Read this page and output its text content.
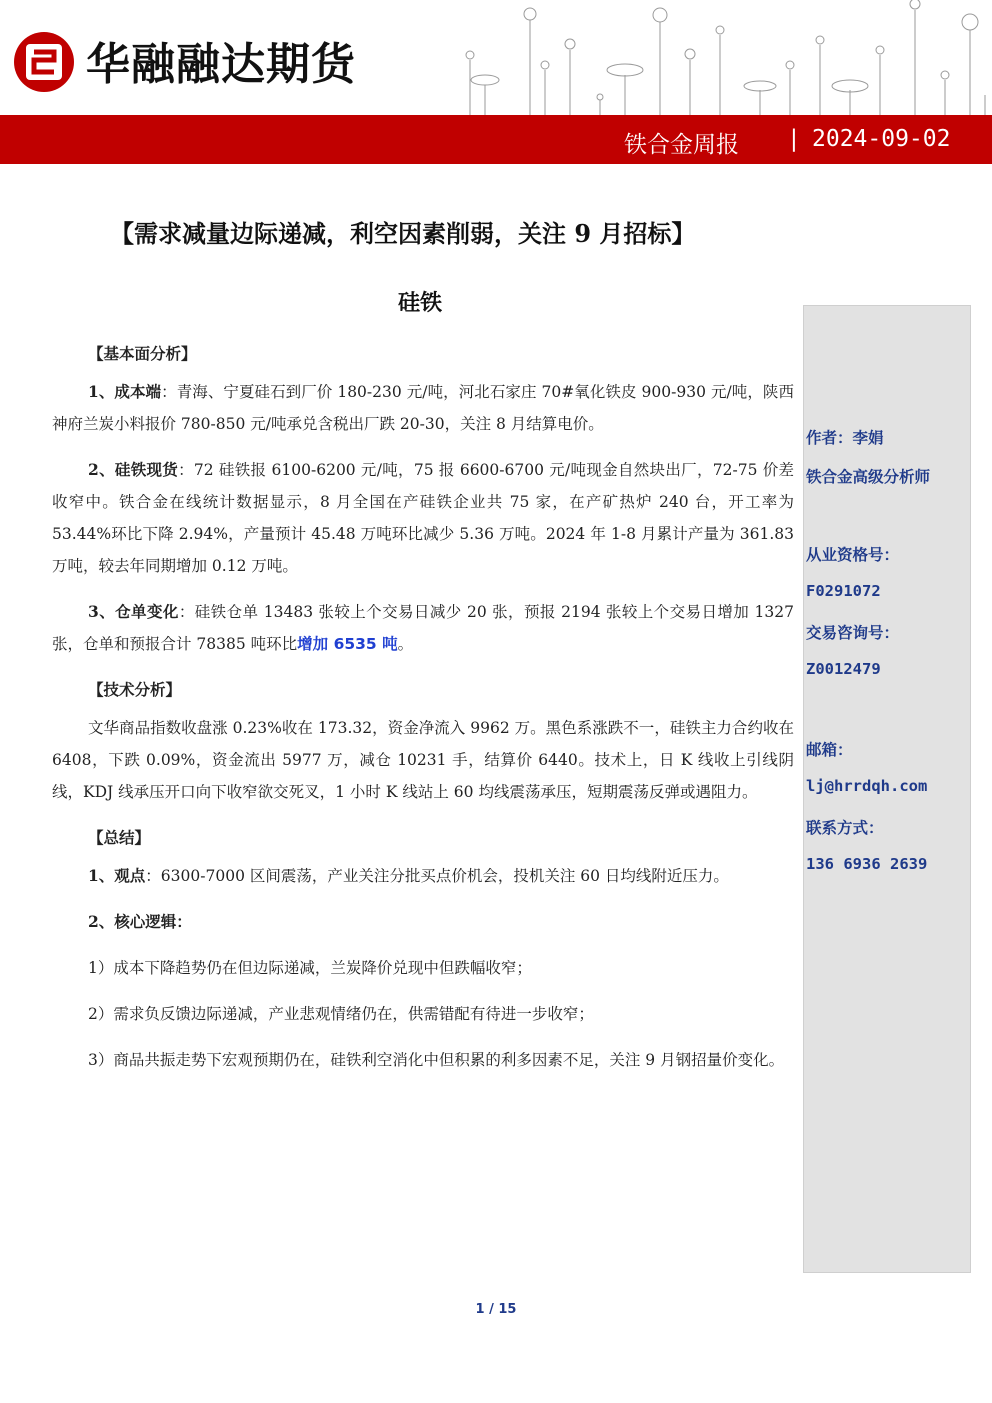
华融融达期货
铁合金周报 | 2024-09-02
【需求减量边际递减，利空因素削弱，关注 9 月招标】
硅铁
作者：李娟
铁合金高级分析师
从业资格号：
F0291072
交易咨询号：
Z0012479
邮箱：
lj@hrrdqh.com
联系方式：
136 6936 2639
【基本面分析】

1、成本端：青海、宁夏硅石到厂价 180-230 元/吨，河北石家庄 70#氧化铁皮 900-930 元/吨，陕西神府兰炭小料报价 780-850 元/吨承兑含税出厂跌 20-30，关注 8 月结算电价。

2、硅铁现货：72 硅铁报 6100-6200 元/吨，75 报 6600-6700 元/吨现金自然块出厂，72-75 价差收窄中。铁合金在线统计数据显示，8 月全国在产硅铁企业共 75 家，在产矿热炉 240 台，开工率为 53.44%环比下降 2.94%，产量预计 45.48 万吨环比减少 5.36 万吨。2024 年 1-8 月累计产量为 361.83 万吨，较去年同期增加 0.12 万吨。

3、仓单变化：硅铁仓单 13483 张较上个交易日减少 20 张，预报 2194 张较上个交易日增加 1327 张，仓单和预报合计 78385 吨环比增加 6535 吨。

【技术分析】

文华商品指数收盘涨 0.23%收在 173.32，资金净流入 9962 万。黑色系涨跌不一，硅铁主力合约收在 6408，下跌 0.09%，资金流出 5977 万，减仓 10231 手，结算价 6440。技术上，日 K 线收上引线阴线，KDJ 线承压开口向下收窄欲交死叉，1 小时 K 线站上 60 均线震荡承压，短期震荡反弹或遇阻力。

【总结】

1、观点：6300-7000 区间震荡，产业关注分批买点价机会，投机关注 60 日均线附近压力。

2、核心逻辑：

1）成本下降趋势仍在但边际递减，兰炭降价兑现中但跌幅收窄；

2）需求负反馈边际递减，产业悲观情绪仍在，供需错配有待进一步收窄；

3）商品共振走势下宏观预期仍在，硅铁利空消化中但积累的利多因素不足，关注 9 月钢招量价变化。

1 / 15
